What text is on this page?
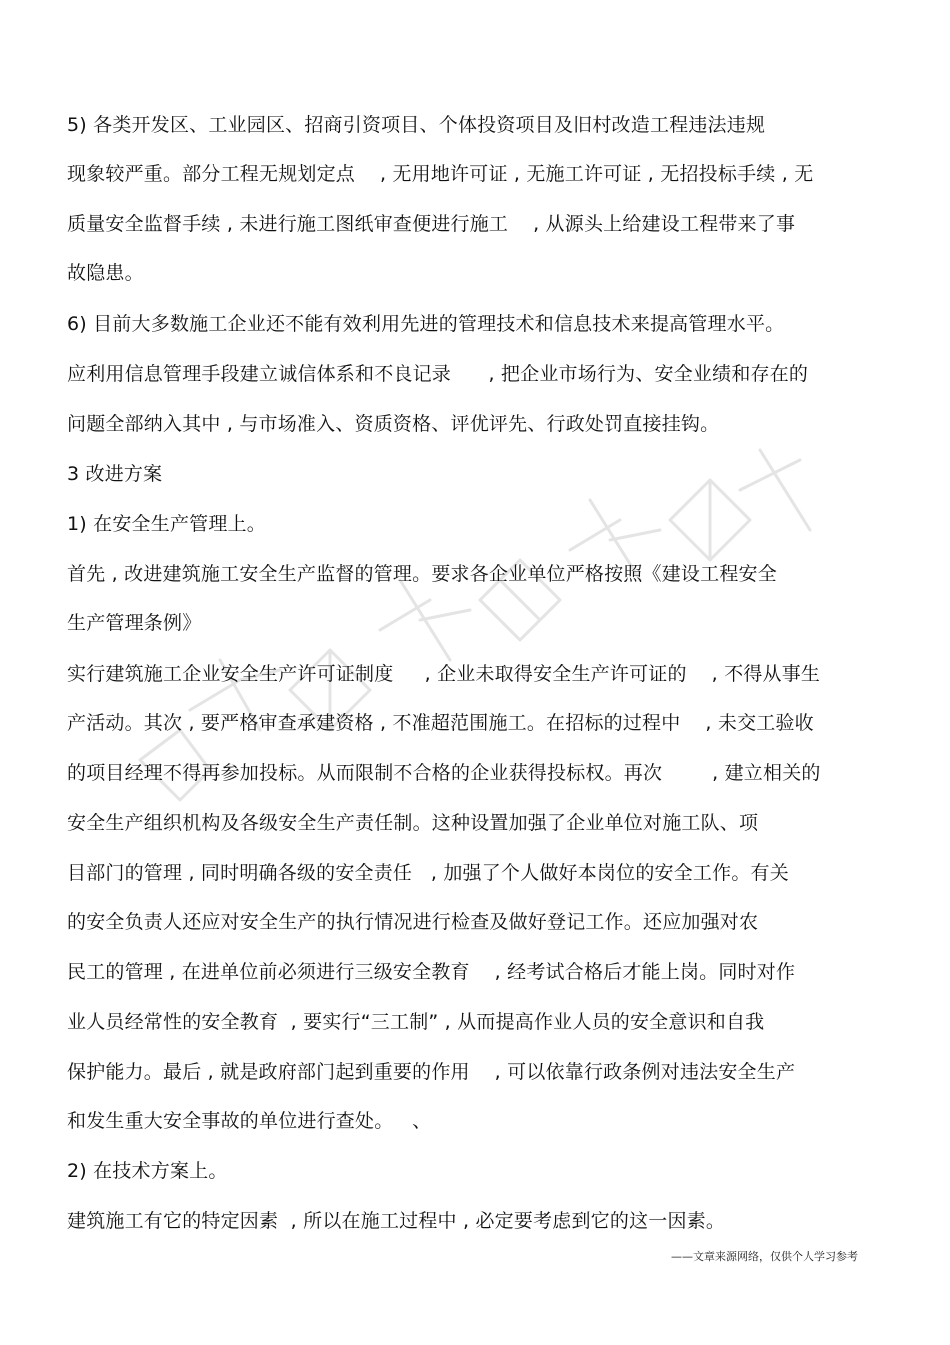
5) 各类开发区、工业园区、招商引资项目、个体投资项目及旧村改造工程违法违规
现象较严重。部分工程无规划定点    , 无用地许可证 , 无施工许可证 , 无招投标手续 , 无
质量安全监督手续 , 未进行施工图纸审查便进行施工    , 从源头上给建设工程带来了事
故隐患。
6) 目前大多数施工企业还不能有效利用先进的管理技术和信息技术来提高管理水平。
应利用信息管理手段建立诚信体系和不良记录      , 把企业市场行为、安全业绩和存在的
问题全部纳入其中 , 与市场准入、资质资格、评优评先、行政处罚直接挂钩。
3 改进方案
1) 在安全生产管理上。
首先 , 改进建筑施工安全生产监督的管理。要求各企业单位严格按照《建设工程安全
生产管理条例》
实行建筑施工企业安全生产许可证制度     , 企业未取得安全生产许可证的    , 不得从事生
产活动。其次 , 要严格审查承建资格 , 不准超范围施工。在招标的过程中    , 未交工验收
的项目经理不得再参加投标。从而限制不合格的企业获得投标权。再次        , 建立相关的
安全生产组织机构及各级安全生产责任制。这种设置加强了企业单位对施工队、项
目部门的管理 , 同时明确各级的安全责任   , 加强了个人做好本岗位的安全工作。有关
的安全负责人还应对安全生产的执行情况进行检查及做好登记工作。还应加强对农
民工的管理 , 在进单位前必须进行三级安全教育    , 经考试合格后才能上岗。同时对作
业人员经常性的安全教育  , 要实行“三工制” , 从而提高作业人员的安全意识和自我
保护能力。最后 , 就是政府部门起到重要的作用    , 可以依靠行政条例对违法安全生产
和发生重大安全事故的单位进行查处。   、
2) 在技术方案上。
建筑施工有它的特定因素  , 所以在施工过程中 , 必定要考虑到它的这一因素。
——文章来源网络，仅供个人学习参考
